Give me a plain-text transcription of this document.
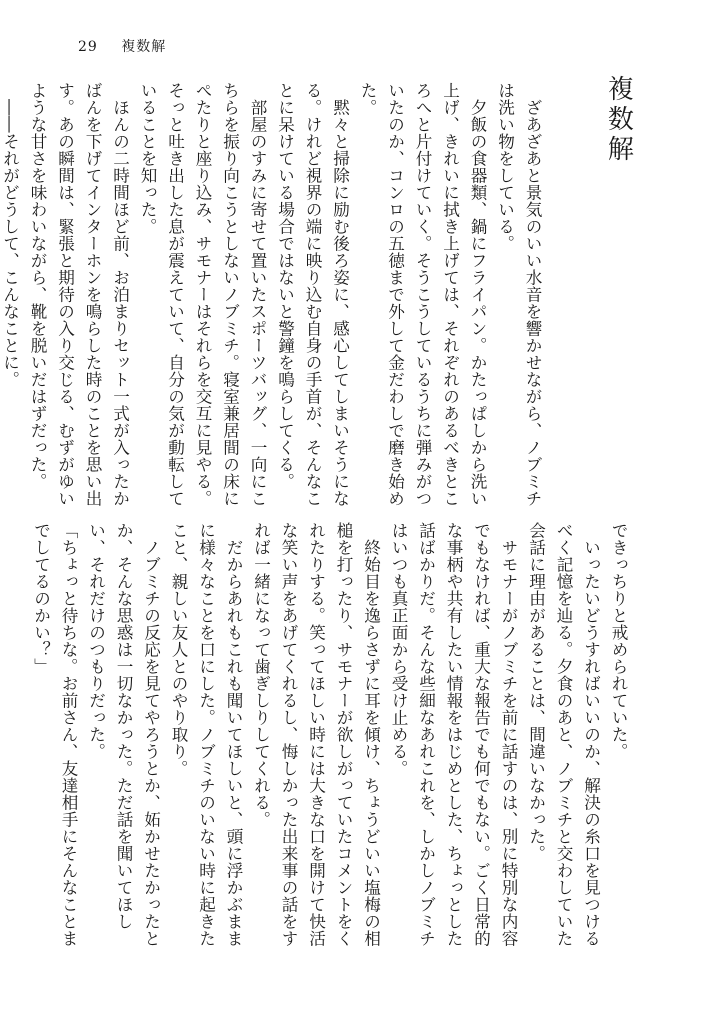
29 複数解
複数解

ざあざあと景気のいい水音を響かせながら、ノブミチは洗い物をしている。

夕飯の食器類、鍋にフライパン。かたっぱしから洗い上げ、きれいに拭き上げては、それぞれのあるべきところへと片付けていく。そうこうしているうちに弾みがついたのか、コンロの五徳まで外して金だわしで磨き始めた。

黙々と掃除に励む後ろ姿に、感心してしまいそうになる。けれど視界の端に映り込む自身の手首が、そんなことに呆けている場合ではないと警鐘を鳴らしてくる。

部屋のすみに寄せて置いたスポーツバッグ、一向にこちらを振り向こうとしないノブミチ。寝室兼居間の床にぺたりと座り込み、サモナーはそれらを交互に見やる。そっと吐き出した息が震えていて、自分の気が動転していることを知った。

ほんの二時間ほど前、お泊まりセット一式が入ったかばんを下げてインターホンを鳴らした時のことを思い出す。あの瞬間は、緊張と期待の入り交じる、むずがゆいような甘さを味わいながら、靴を脱いだはずだった。

――それがどうして、こんなことに。

できっちりと戒められていた。

いったいどうすればいいのか、解決の糸口を見つけるべく記憶を辿る。夕食のあと、ノブミチと交わしていた会話に理由があることは、間違いなかった。

サモナーがノブミチを前に話すのは、別に特別な内容でもなければ、重大な報告でも何でもない。ごく日常的な事柄や共有したい情報をはじめとした、ちょっとした話ばかりだ。そんな些細なあれこれを、しかしノブミチはいつも真正面から受け止める。

終始目を逸らさずに耳を傾け、ちょうどいい塩梅の相槌を打ったり、サモナーが欲しがっていたコメントをくれたりする。笑ってほしい時には大きな口を開けて快活な笑い声をあげてくれるし、悔しかった出来事の話をすれば一緒になって歯ぎしりしてくれる。

だからあれもこれも聞いてほしいと、頭に浮かぶままに様々なことを口にした。ノブミチのいない時に起きたこと、親しい友人とのやり取り。

ノブミチの反応を見てやろうとか、妬かせたかったとか、そんな思惑は一切なかった。ただ話を聞いてほしい、それだけのつもりだった。

「ちょっと待ちな。お前さん、友達相手にそんなことまでしてるのかい？」
